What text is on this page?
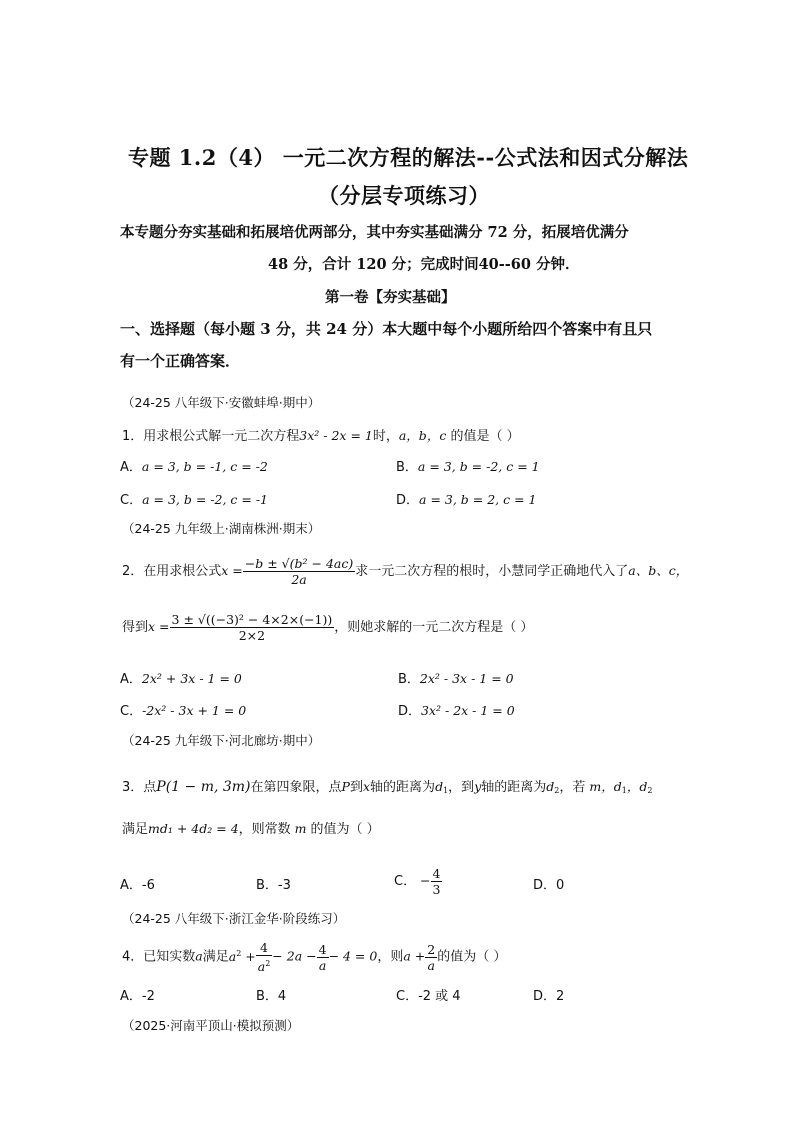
专题 1.2（4） 一元二次方程的解法--公式法和因式分解法
（分层专项练习）
本专题分夯实基础和拓展培优两部分，其中夯实基础满分 72 分，拓展培优满分
48 分，合计 120 分；完成时间40--60 分钟．
第一卷【夯实基础】
一、选择题（每小题 3 分，共 24 分）本大题中每个小题所给四个答案中有且只
有一个正确答案．
（24-25 八年级下·安徽蚌埠·期中）
1．用求根公式解一元二次方程3x² - 2x = 1时，a，b，c 的值是（ ）
A．a = 3, b = -1, c = -2	B．a = 3, b = -2, c = 1
C．a = 3, b = -2, c = -1	D．a = 3, b = 2, c = 1
（24-25 九年级上·湖南株洲·期末）
2．在用求根公式$x = \frac{\text{−b ± √(b² − 4ac)}}{2a}$ 求一元二次方程的根时，小慧同学正确地代入了a、b、c，
得到$x = \frac{\text{3 ± √((−3)² − 4×2×(−1))}}{2\times 2}$ ，则她求解的一元二次方程是（ ）
A．2x² + 3x - 1 = 0	B．2x² - 3x - 1 = 0
C．-2x² - 3x + 1 = 0	D．3x² - 2x - 1 = 0
（24-25 九年级下·河北廊坊·期中）
3．点P(1 − m, 3m)在第四象限，点P到x轴的距离为$d_1$，到y轴的距离为$d_2$，若 m，$d_1$，$d_2$
满足md₁ + 4d₂ = 4，则常数 m 的值为（ ）
A．-6	B．-3	C． − $\frac{4}{3}$	D．0
（24-25 八年级下·浙江金华·阶段练习）
4．已知实数a满足$a^2 + \frac{4}{a^2} - 2a - \frac{4}{a} - 4 = 0$，则$a + \frac{2}{a}$ 的值为（ ）
A．-2	B．4	C．-2 或 4	D．2
（2025·河南平顶山·模拟预测）
